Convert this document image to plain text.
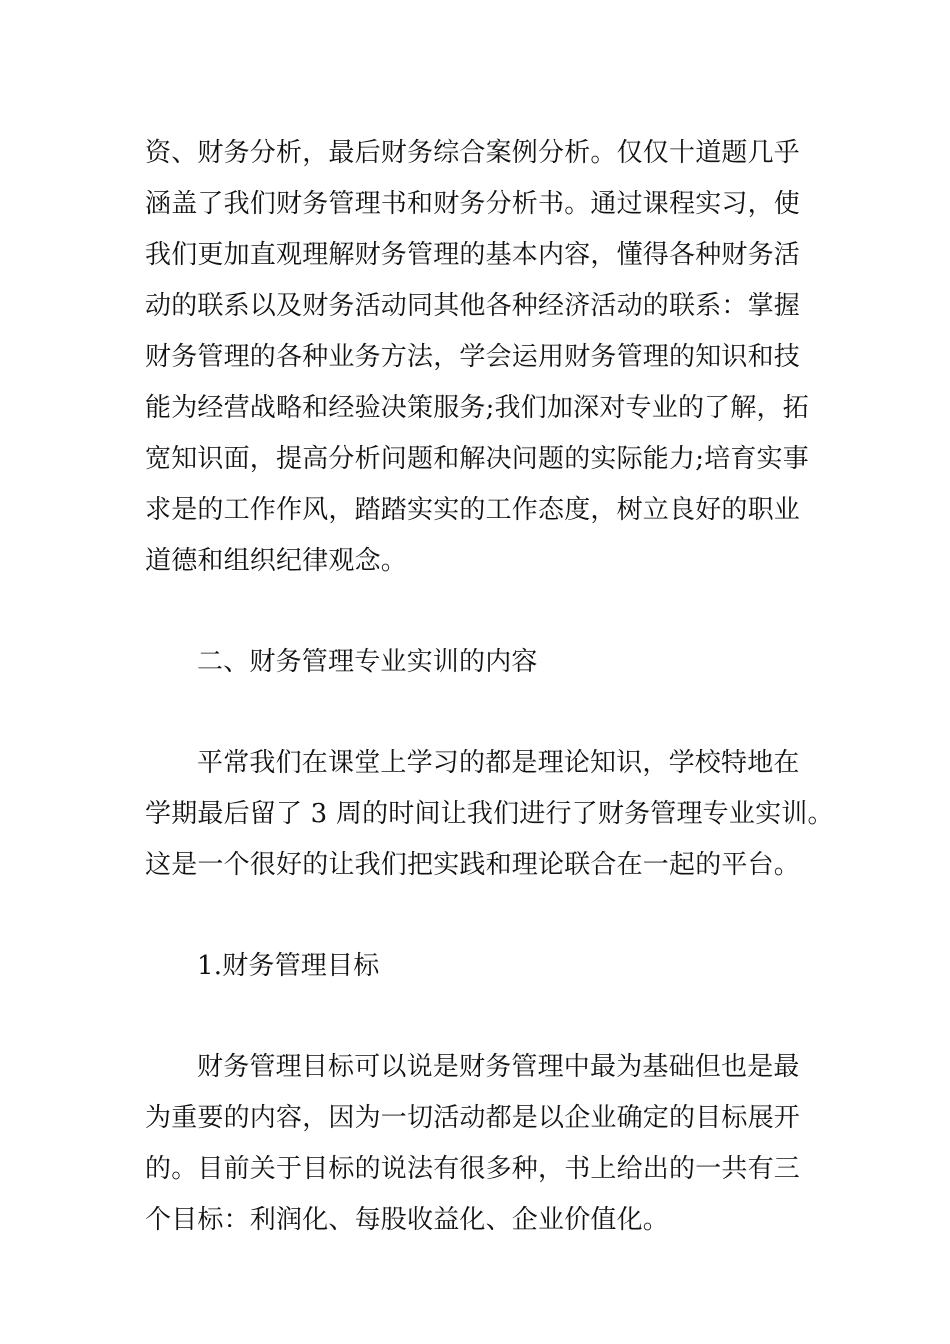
资、财务分析，最后财务综合案例分析。仅仅十道题几乎
涵盖了我们财务管理书和财务分析书。通过课程实习，使
我们更加直观理解财务管理的基本内容，懂得各种财务活
动的联系以及财务活动同其他各种经济活动的联系：掌握
财务管理的各种业务方法，学会运用财务管理的知识和技
能为经营战略和经验决策服务;我们加深对专业的了解，拓
宽知识面，提高分析问题和解决问题的实际能力;培育实事
求是的工作作风，踏踏实实的工作态度，树立良好的职业
道德和组织纪律观念。
二、财务管理专业实训的内容
平常我们在课堂上学习的都是理论知识，学校特地在
学期最后留了 3 周的时间让我们进行了财务管理专业实训。
这是一个很好的让我们把实践和理论联合在一起的平台。
1.财务管理目标
财务管理目标可以说是财务管理中最为基础但也是最
为重要的内容，因为一切活动都是以企业确定的目标展开
的。目前关于目标的说法有很多种，书上给出的一共有三
个目标：利润化、每股收益化、企业价值化。
